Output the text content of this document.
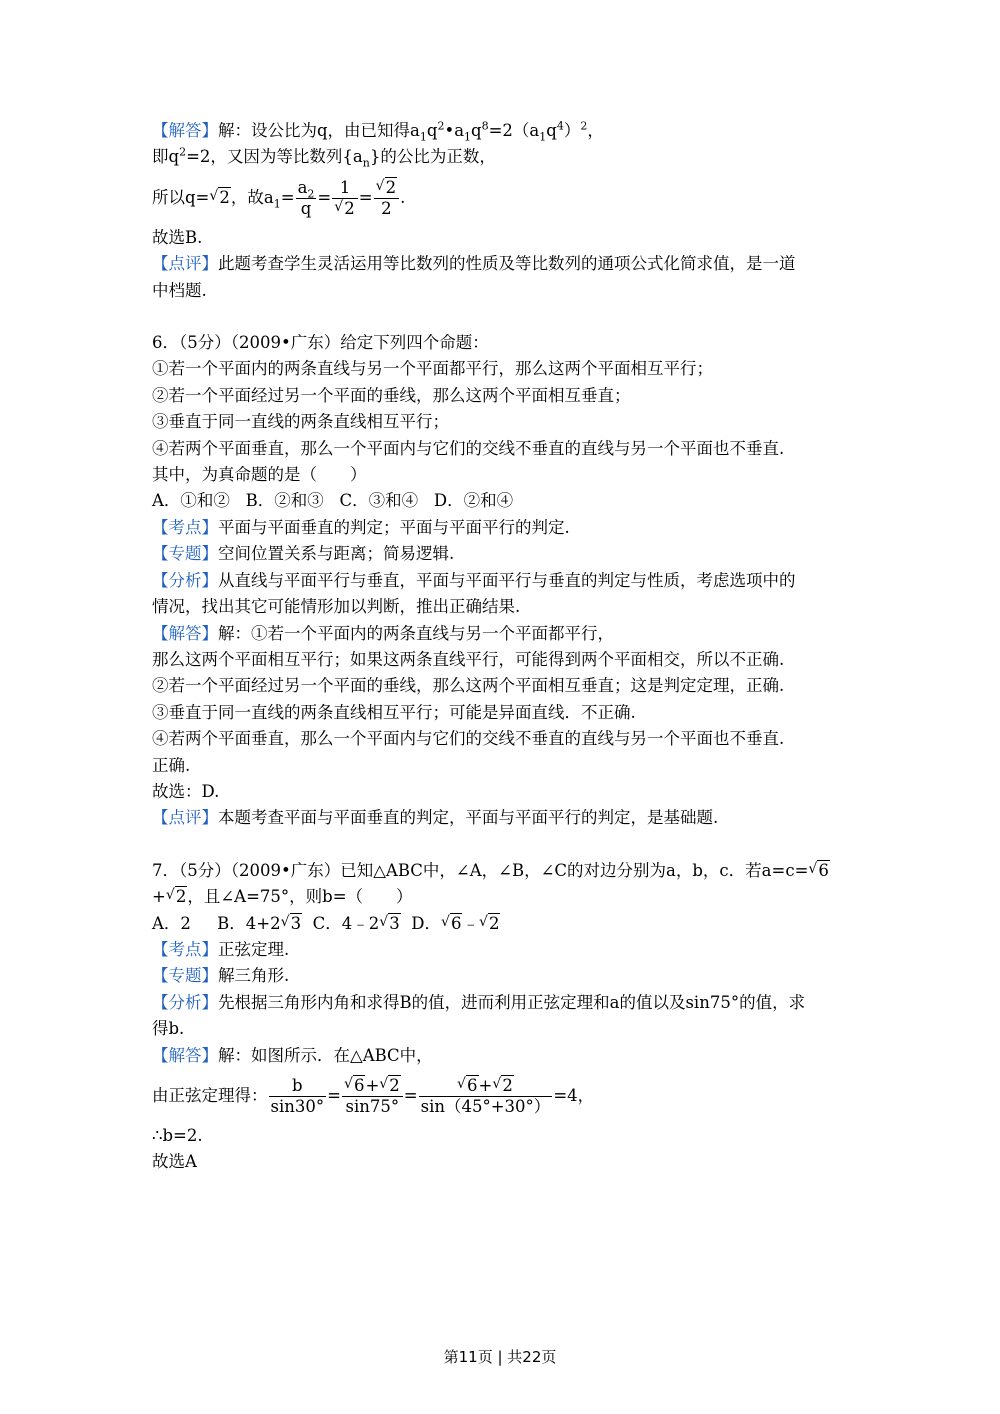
【解答】解：设公比为q，由已知得$a_1q^2•a_1q^8=2(a_1q^4)^2$，
即$q^2=2$，又因为等比数列$\{a_n\}$的公比为正数，
所以q= √ 2，故$a_1= \frac{a_2}{q} = \frac{1}{√ 2} = \frac{√ 2}{2}$ .
故选B.
【点评】此题考查学生灵活运用等比数列的性质及等比数列的通项公式化简求值，是一道
中档题.
6．（5分）（2009•广东）给定下列四个命题：
①若一个平面内的两条直线与另一个平面都平行，那么这两个平面相互平行；
②若一个平面经过另一个平面的垂线，那么这两个平面相互垂直；
③垂直于同一直线的两条直线相互平行；
④若两个平面垂直，那么一个平面内与它们的交线不垂直的直线与另一个平面也不垂直.
其中，为真命题的是（　　）
A．①和②   B．②和③   C．③和④   D．②和④
【考点】平面与平面垂直的判定；平面与平面平行的判定.
【专题】空间位置关系与距离；简易逻辑.
【分析】从直线与平面平行与垂直，平面与平面平行与垂直的判定与性质，考虑选项中的
情况，找出其它可能情形加以判断，推出正确结果.
【解答】解：①若一个平面内的两条直线与另一个平面都平行，
那么这两个平面相互平行；如果这两条直线平行，可能得到两个平面相交，所以不正确.
②若一个平面经过另一个平面的垂线，那么这两个平面相互垂直；这是判定定理，正确.
③垂直于同一直线的两条直线相互平行；可能是异面直线．不正确.
④若两个平面垂直，那么一个平面内与它们的交线不垂直的直线与另一个平面也不垂直.
正确.
故选：D.
【点评】本题考查平面与平面垂直的判定，平面与平面平行的判定，是基础题.
7．（5分）（2009•广东）已知△ABC中，∠A，∠B，∠C的对边分别为a，b，c．若a=c= √ 6
+ √ 2，且∠A=75°，则b=（　　）
A．2     B．4+2 √ 3  C．4﹣2 √ 3  D． √ 6﹣ √ 2
【考点】正弦定理.
【专题】解三角形.
【分析】先根据三角形内角和求得B的值，进而利用正弦定理和a的值以及sin75°的值，求
得b.
【解答】解：如图所示．在△ABC中，
由正弦定理得： $\frac{b}{\sin 30^\circ} = \frac{√ 6+ √ 2}{\sin 75^\circ} = \frac{√ 6+ √ 2}{\sin(45^\circ+30^\circ)} =4$，
∴b=2.
故选A
第11页 | 共22页
